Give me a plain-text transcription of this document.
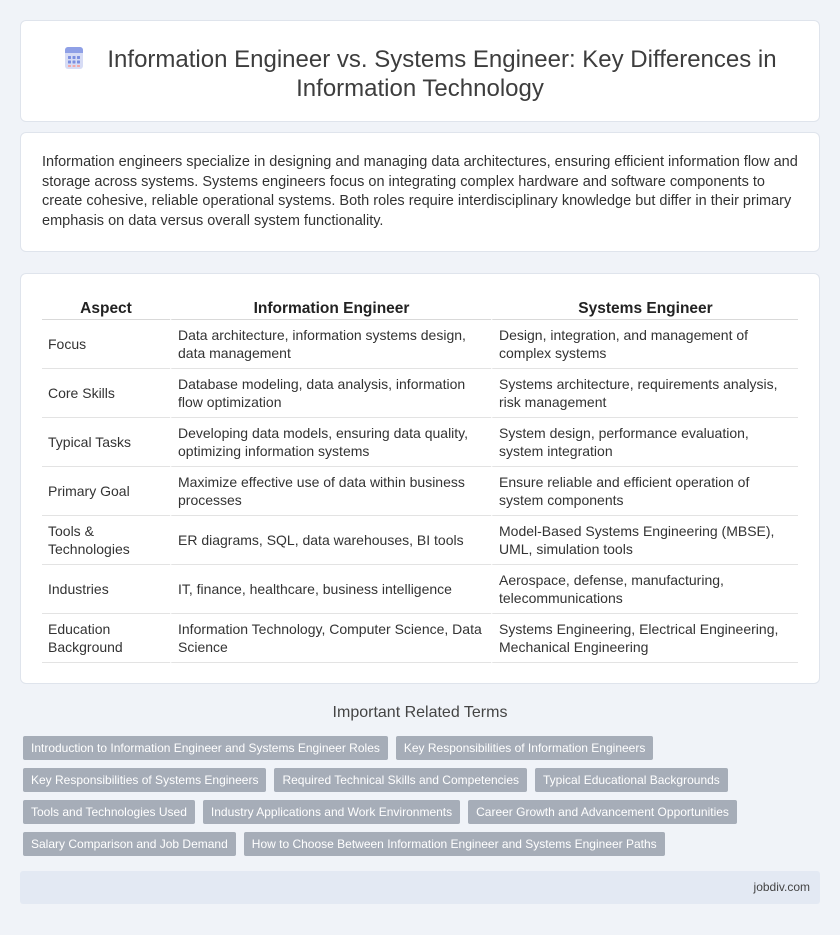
Information Engineer vs. Systems Engineer: Key Differences in Information Technology

Information engineers specialize in designing and managing data architectures, ensuring efficient information flow and storage across systems. Systems engineers focus on integrating complex hardware and software components to create cohesive, reliable operational systems. Both roles require interdisciplinary knowledge but differ in their primary emphasis on data versus overall system functionality.

Aspect	Information Engineer	Systems Engineer
Focus	Data architecture, information systems design, data management	Design, integration, and management of complex systems
Core Skills	Database modeling, data analysis, information flow optimization	Systems architecture, requirements analysis, risk management
Typical Tasks	Developing data models, ensuring data quality, optimizing information systems	System design, performance evaluation, system integration
Primary Goal	Maximize effective use of data within business processes	Ensure reliable and efficient operation of system components
Tools & Technologies	ER diagrams, SQL, data warehouses, BI tools	Model-Based Systems Engineering (MBSE), UML, simulation tools
Industries	IT, finance, healthcare, business intelligence	Aerospace, defense, manufacturing, telecommunications
Education Background	Information Technology, Computer Science, Data Science	Systems Engineering, Electrical Engineering, Mechanical Engineering
Important Related Terms
Introduction to Information Engineer and Systems Engineer Roles	Key Responsibilities of Information Engineers
Key Responsibilities of Systems Engineers	Required Technical Skills and Competencies	Typical Educational Backgrounds
Tools and Technologies Used	Industry Applications and Work Environments	Career Growth and Advancement Opportunities
Salary Comparison and Job Demand	How to Choose Between Information Engineer and Systems Engineer Paths
jobdiv.com
